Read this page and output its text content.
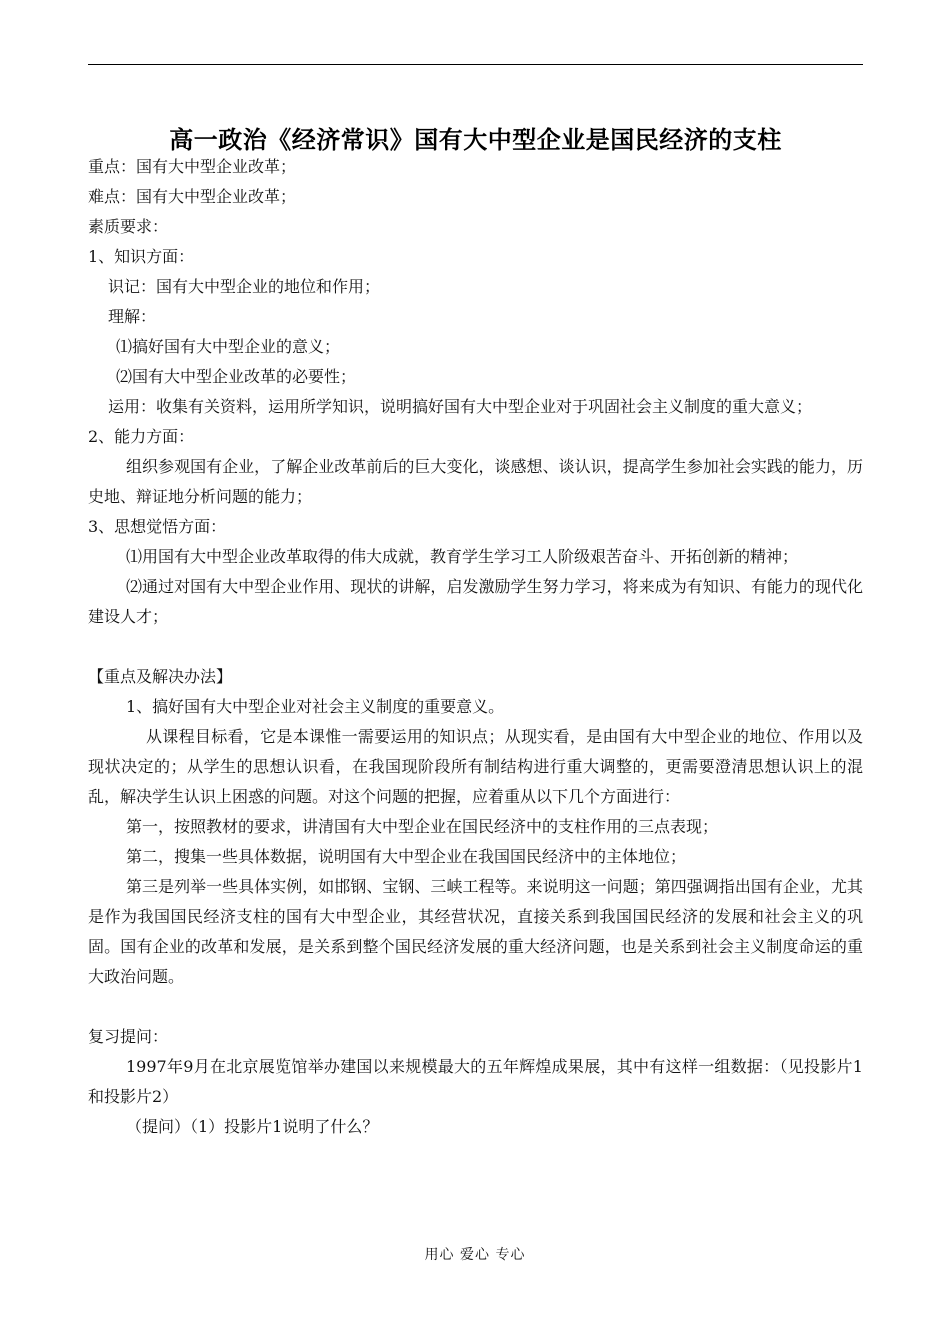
高一政治《经济常识》国有大中型企业是国民经济的支柱
重点：国有大中型企业改革；
难点：国有大中型企业改革；
素质要求：
1、知识方面：
识记：国有大中型企业的地位和作用；
理解：
⑴搞好国有大中型企业的意义；
⑵国有大中型企业改革的必要性；
运用：收集有关资料，运用所学知识，说明搞好国有大中型企业对于巩固社会主义制度的重大意义；
2、能力方面：
组织参观国有企业，了解企业改革前后的巨大变化，谈感想、谈认识，提高学生参加社会实践的能力，历史地、辩证地分析问题的能力；
3、思想觉悟方面：
⑴用国有大中型企业改革取得的伟大成就，教育学生学习工人阶级艰苦奋斗、开拓创新的精神；
⑵通过对国有大中型企业作用、现状的讲解，启发激励学生努力学习，将来成为有知识、有能力的现代化建设人才；
【重点及解决办法】
1、搞好国有大中型企业对社会主义制度的重要意义。
从课程目标看，它是本课惟一需要运用的知识点；从现实看，是由国有大中型企业的地位、作用以及现状决定的；从学生的思想认识看，在我国现阶段所有制结构进行重大调整的，更需要澄清思想认识上的混乱，解决学生认识上困惑的问题。对这个问题的把握，应着重从以下几个方面进行：
第一，按照教材的要求，讲清国有大中型企业在国民经济中的支柱作用的三点表现；
第二，搜集一些具体数据，说明国有大中型企业在我国国民经济中的主体地位；
第三是列举一些具体实例，如邯钢、宝钢、三峡工程等。来说明这一问题；第四强调指出国有企业，尤其是作为我国国民经济支柱的国有大中型企业，其经营状况，直接关系到我国国民经济的发展和社会主义的巩固。国有企业的改革和发展，是关系到整个国民经济发展的重大经济问题，也是关系到社会主义制度命运的重大政治问题。
复习提问：
1997年9月在北京展览馆举办建国以来规模最大的五年辉煌成果展，其中有这样一组数据：（见投影片1和投影片2）
（提问）（1）投影片1说明了什么？
用心 爱心 专心
